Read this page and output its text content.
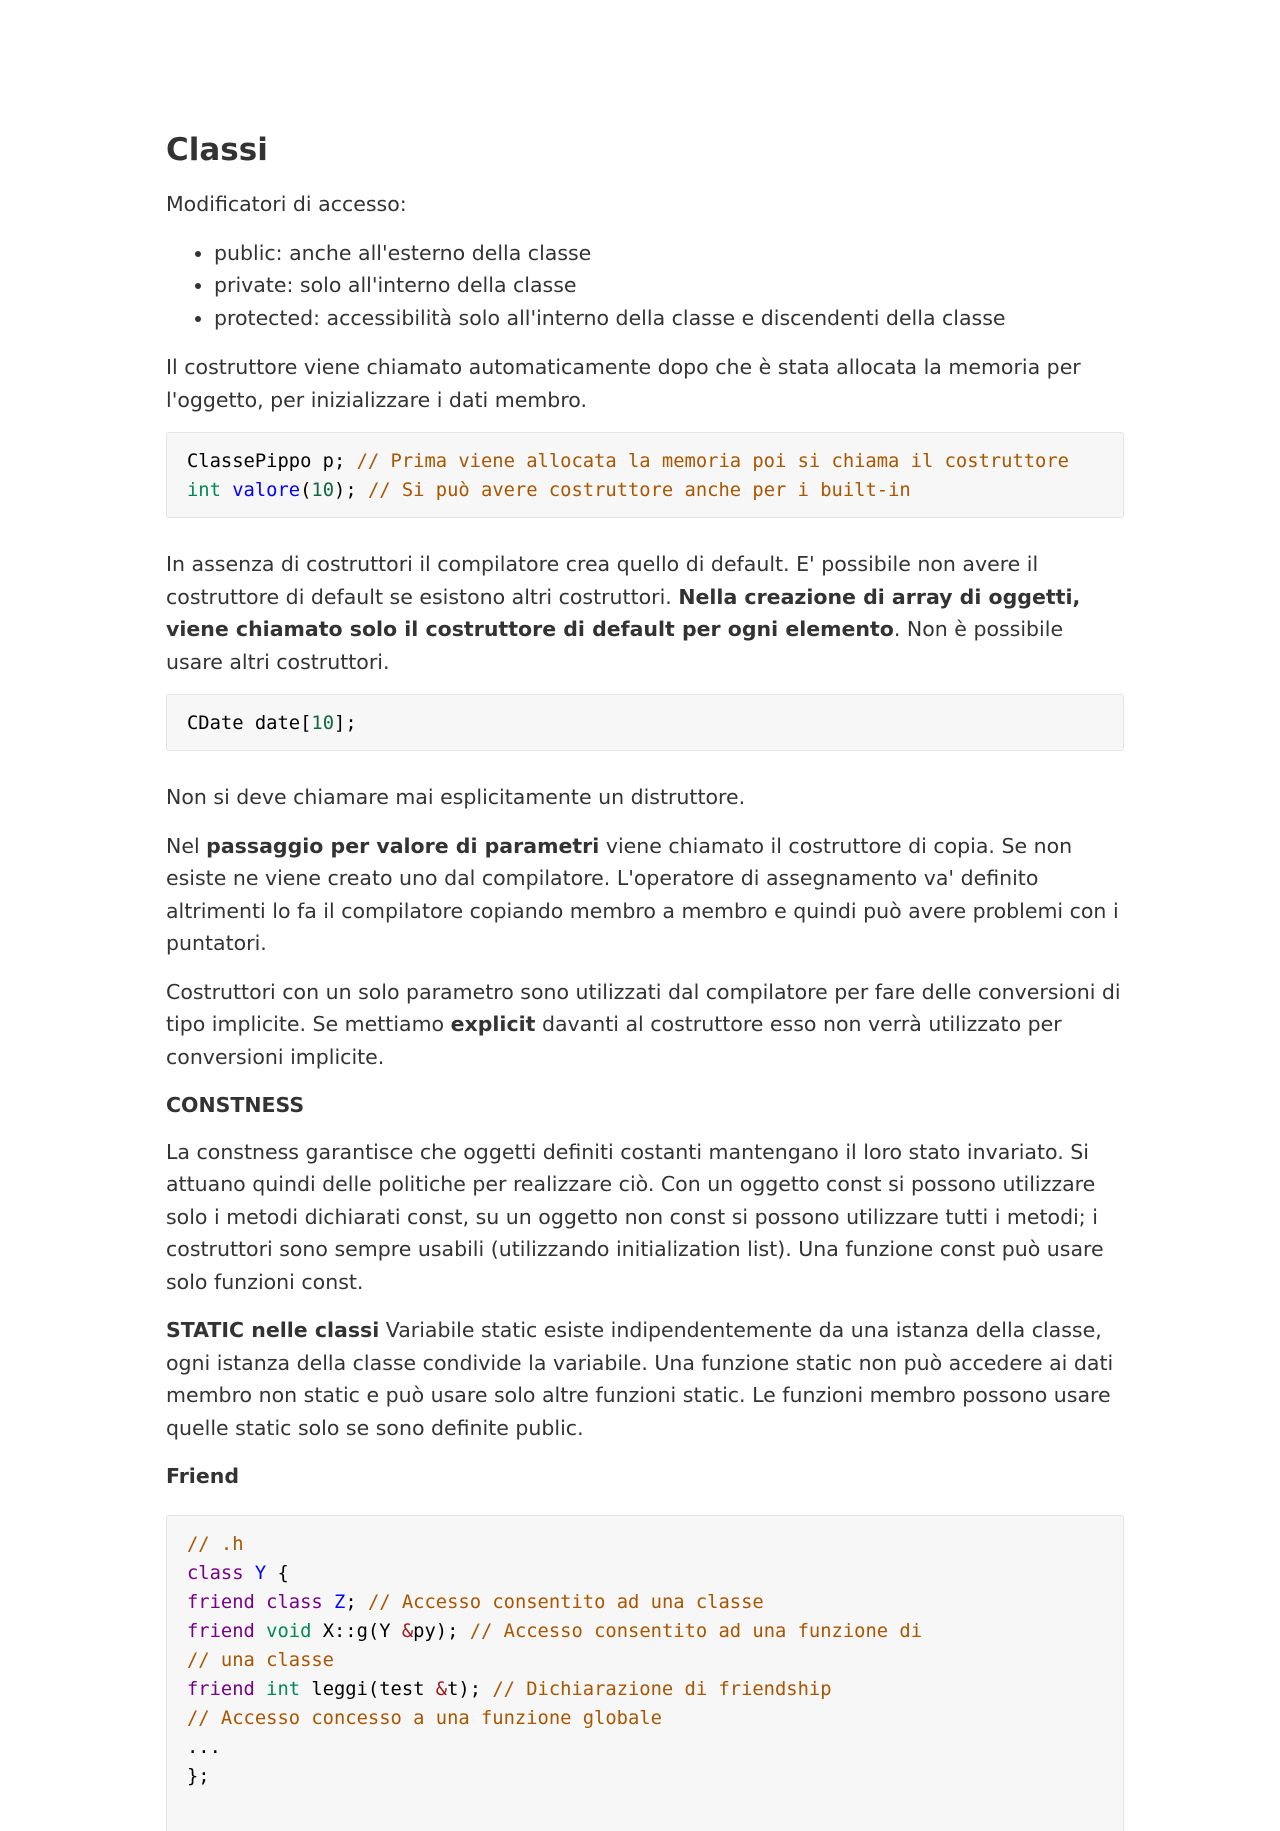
Classi

Modificatori di accesso:

• public: anche all'esterno della classe
• private: solo all'interno della classe
• protected: accessibilità solo all'interno della classe e discendenti della classe

Il costruttore viene chiamato automaticamente dopo che è stata allocata la memoria per l'oggetto, per inizializzare i dati membro.

ClassePippo p; // Prima viene allocata la memoria poi si chiama il costruttore
int valore(10); // Si può avere costruttore anche per i built-in

In assenza di costruttori il compilatore crea quello di default. E' possibile non avere il costruttore di default se esistono altri costruttori. Nella creazione di array di oggetti, viene chiamato solo il costruttore di default per ogni elemento. Non è possibile usare altri costruttori.

CDate date[10];

Non si deve chiamare mai esplicitamente un distruttore.

Nel passaggio per valore di parametri viene chiamato il costruttore di copia. Se non esiste ne viene creato uno dal compilatore. L'operatore di assegnamento va' definito altrimenti lo fa il compilatore copiando membro a membro e quindi può avere problemi con i puntatori.

Costruttori con un solo parametro sono utilizzati dal compilatore per fare delle conversioni di tipo implicite. Se mettiamo explicit davanti al costruttore esso non verrà utilizzato per conversioni implicite.

CONSTNESS

La constness garantisce che oggetti definiti costanti mantengano il loro stato invariato. Si attuano quindi delle politiche per realizzare ciò. Con un oggetto const si possono utilizzare solo i metodi dichiarati const, su un oggetto non const si possono utilizzare tutti i metodi; i costruttori sono sempre usabili (utilizzando initialization list). Una funzione const può usare solo funzioni const.

STATIC nelle classi Variabile static esiste indipendentemente da una istanza della classe, ogni istanza della classe condivide la variabile. Una funzione static non può accedere ai dati membro non static e può usare solo altre funzioni static. Le funzioni membro possono usare quelle static solo se sono definite public.

Friend

// .h
class Y {
friend class Z; // Accesso consentito ad una classe
friend void X::g(Y &py); // Accesso consentito ad una funzione di
// una classe
friend int leggi(test &t); // Dichiarazione di friendship
// Accesso concesso a una funzione globale
...
};
